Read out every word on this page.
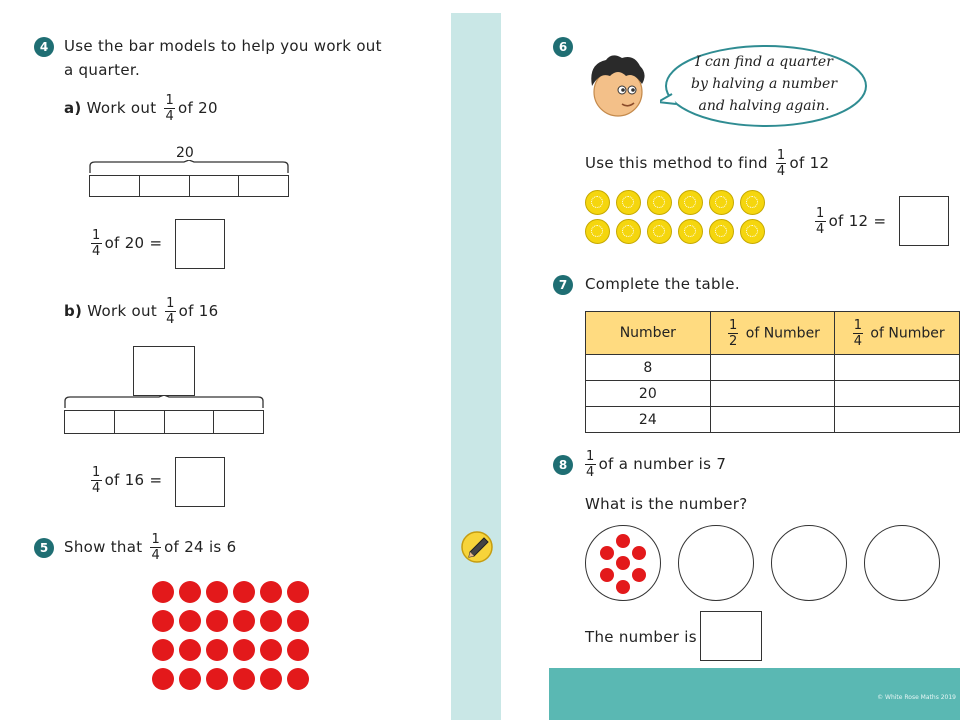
© White Rose Maths 2019
4	Use the bar models to help you work out
a quarter.
a)
Work out
$\frac{1}{4}$ of 20
20
$\frac{1}{4}$ of 20 =
b)
Work out
$\frac{1}{4}$ of 16
$\frac{1}{4}$ of 16 =
5	Show that
$\frac{1}{4}$ of 24 is 6
6
I can find a quarter
by halving a number
and halving again.
Use this method to find
$\frac{1}{4}$ of 12
$\frac{1}{4}$ of 12 =
7	Complete the table.
Number	$\frac{1}{2}$ of Number	$\frac{1}{4}$ of Number
8		
20		
24		
8	$\frac{1}{4}$ of a number is 7
What is the number?
The number is
